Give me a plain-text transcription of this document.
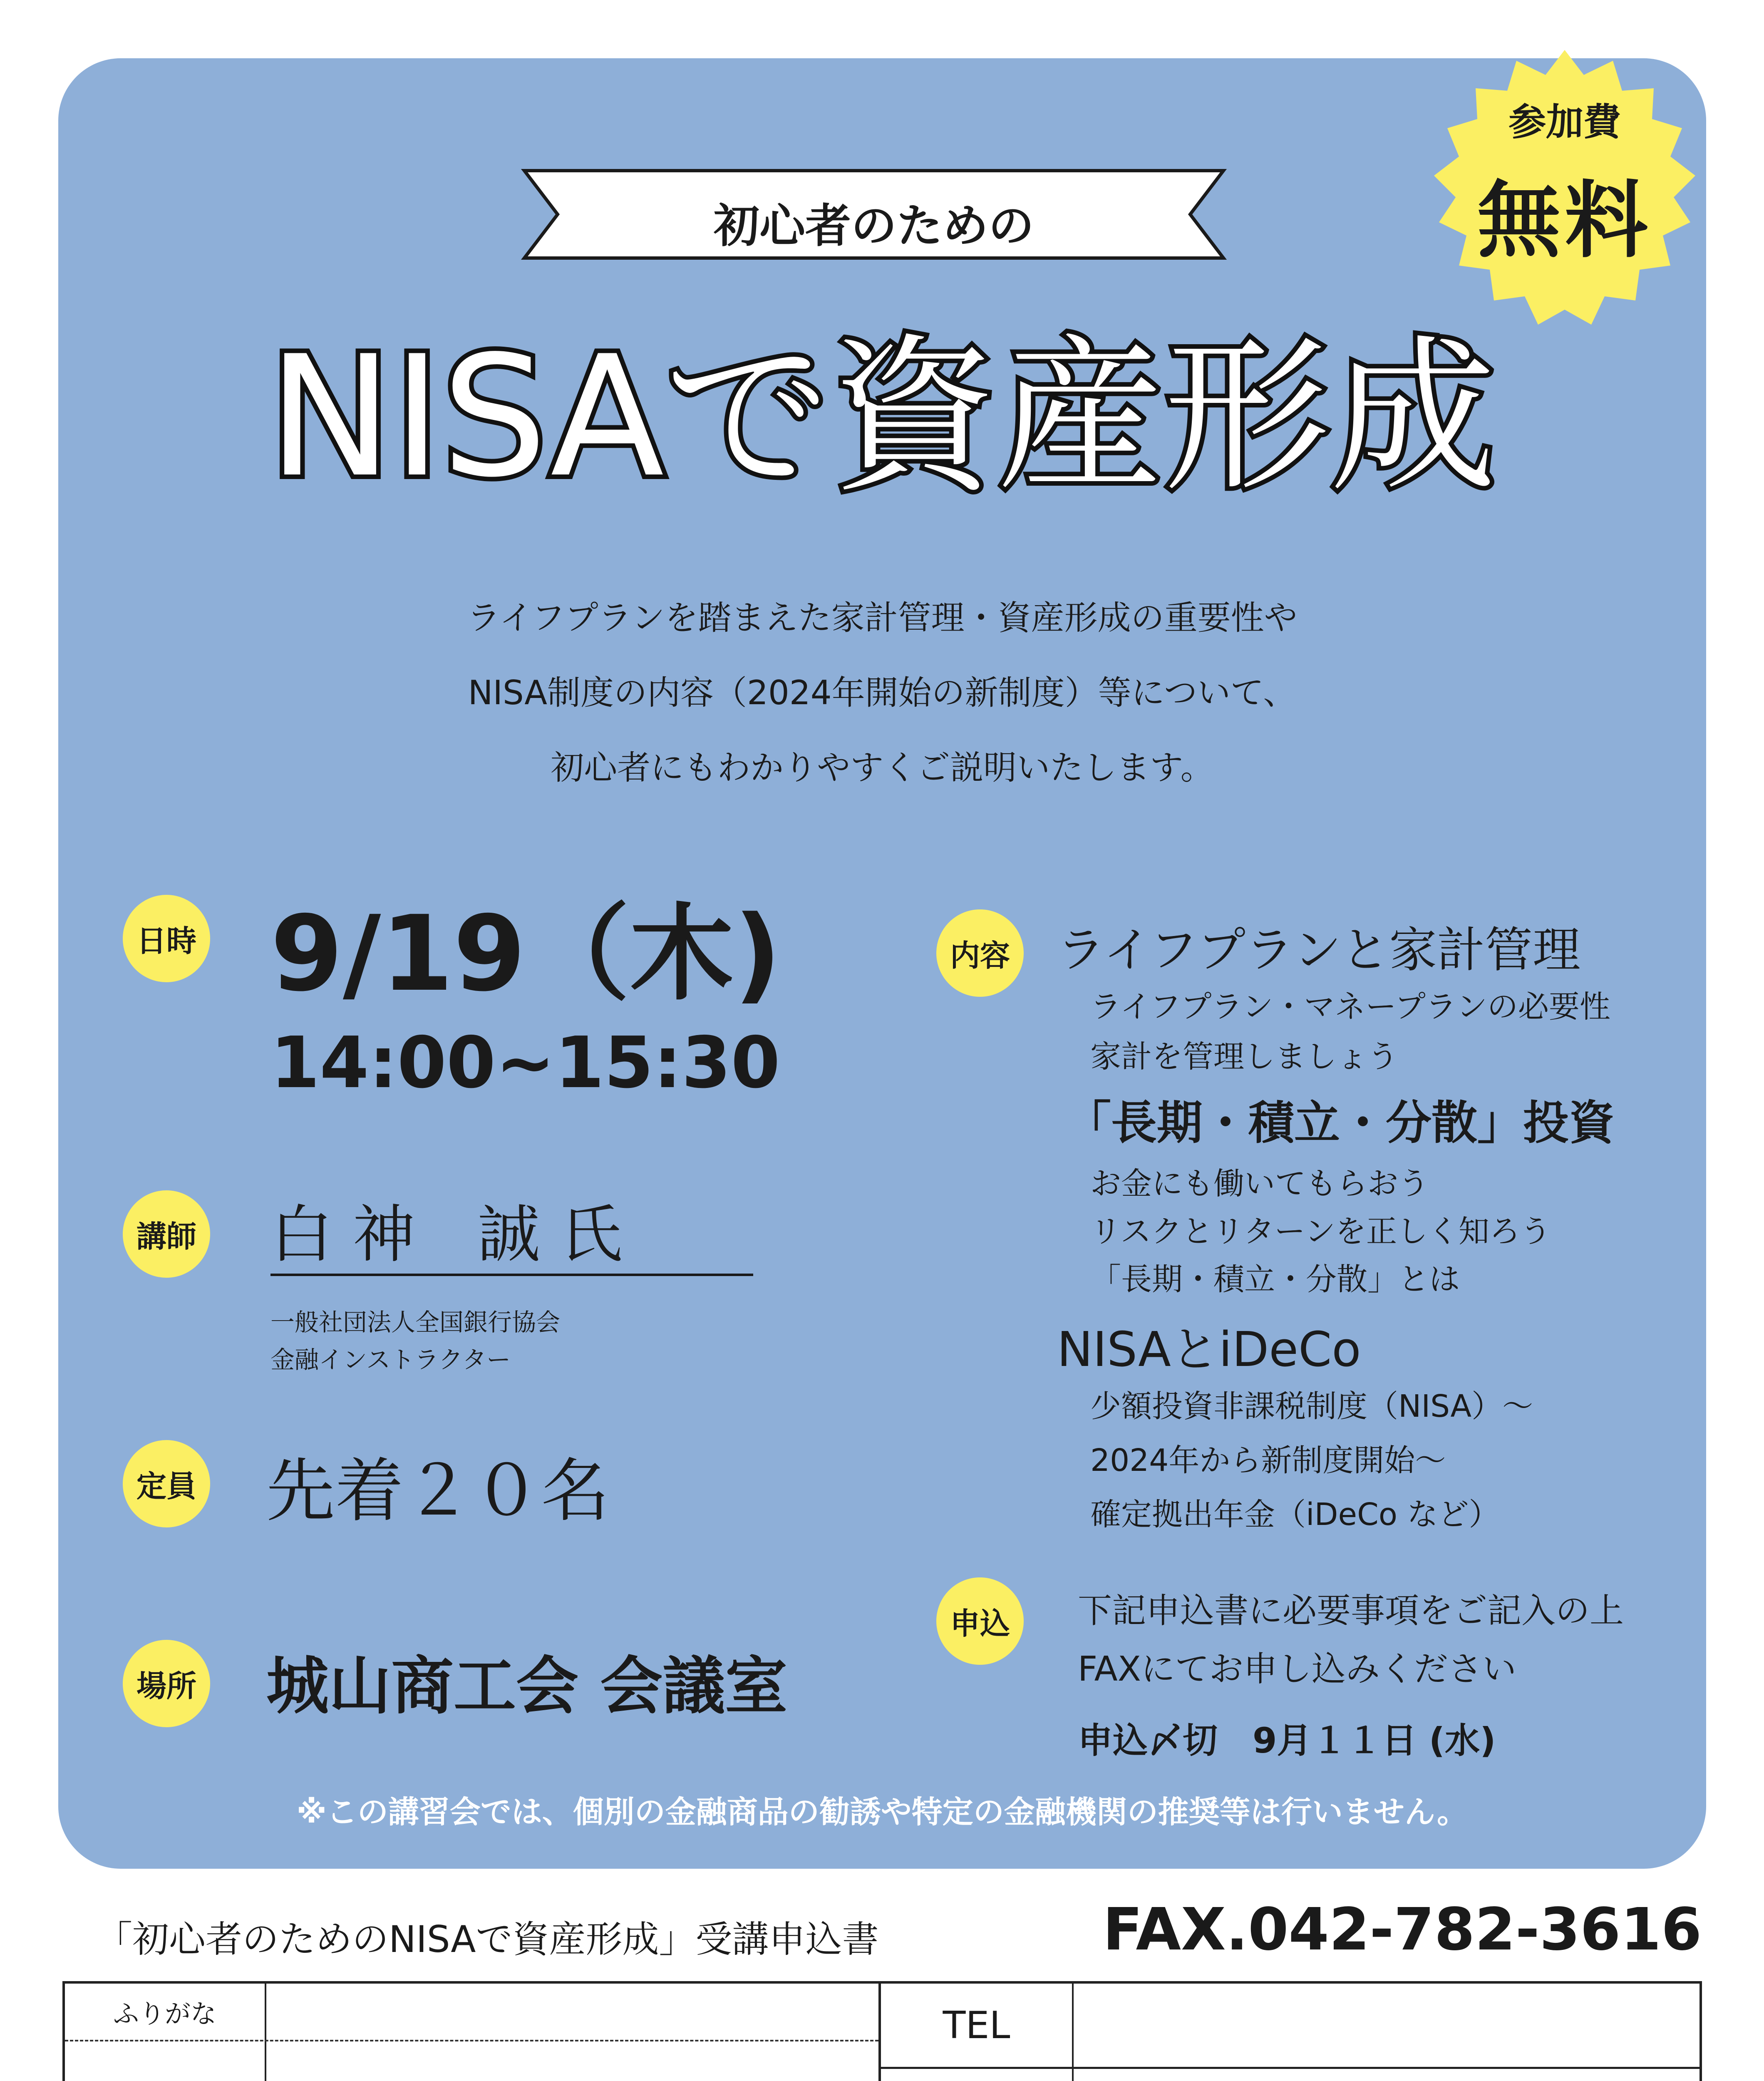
参加費
無料
初心者のための
NISAで資産形成
ライフプランを踏まえた家計管理・資産形成の重要性や
NISA制度の内容（2024年開始の新制度）等について、
初心者にもわかりやすくご説明いたします。
日時 9/19（木)
14:00~15:30
講師 白 神　誠 氏
一般社団法人全国銀行協会
金融インストラクター
定員 先着２０名
場所 城山商工会 会議室
内容 ライフプランと家計管理
ライフプラン・マネープランの必要性
家計を管理しましょう
「長期・積立・分散」投資
お金にも働いてもらおう
リスクとリターンを正しく知ろう
「長期・積立・分散」とは
NISAとiDeCo
少額投資非課税制度（NISA）～
2024年から新制度開始～
確定拠出年金（iDeCo など）
申込	下記申込書に必要事項をご記入の上
FAXにてお申し込みください
申込〆切　9月１１日 (水)
※この講習会では、個別の金融商品の勧誘や特定の金融機関の推奨等は行いません。
「初心者のためのNISAで資産形成」受講申込書	FAX.042-782-3616
ふりがな	TEL
